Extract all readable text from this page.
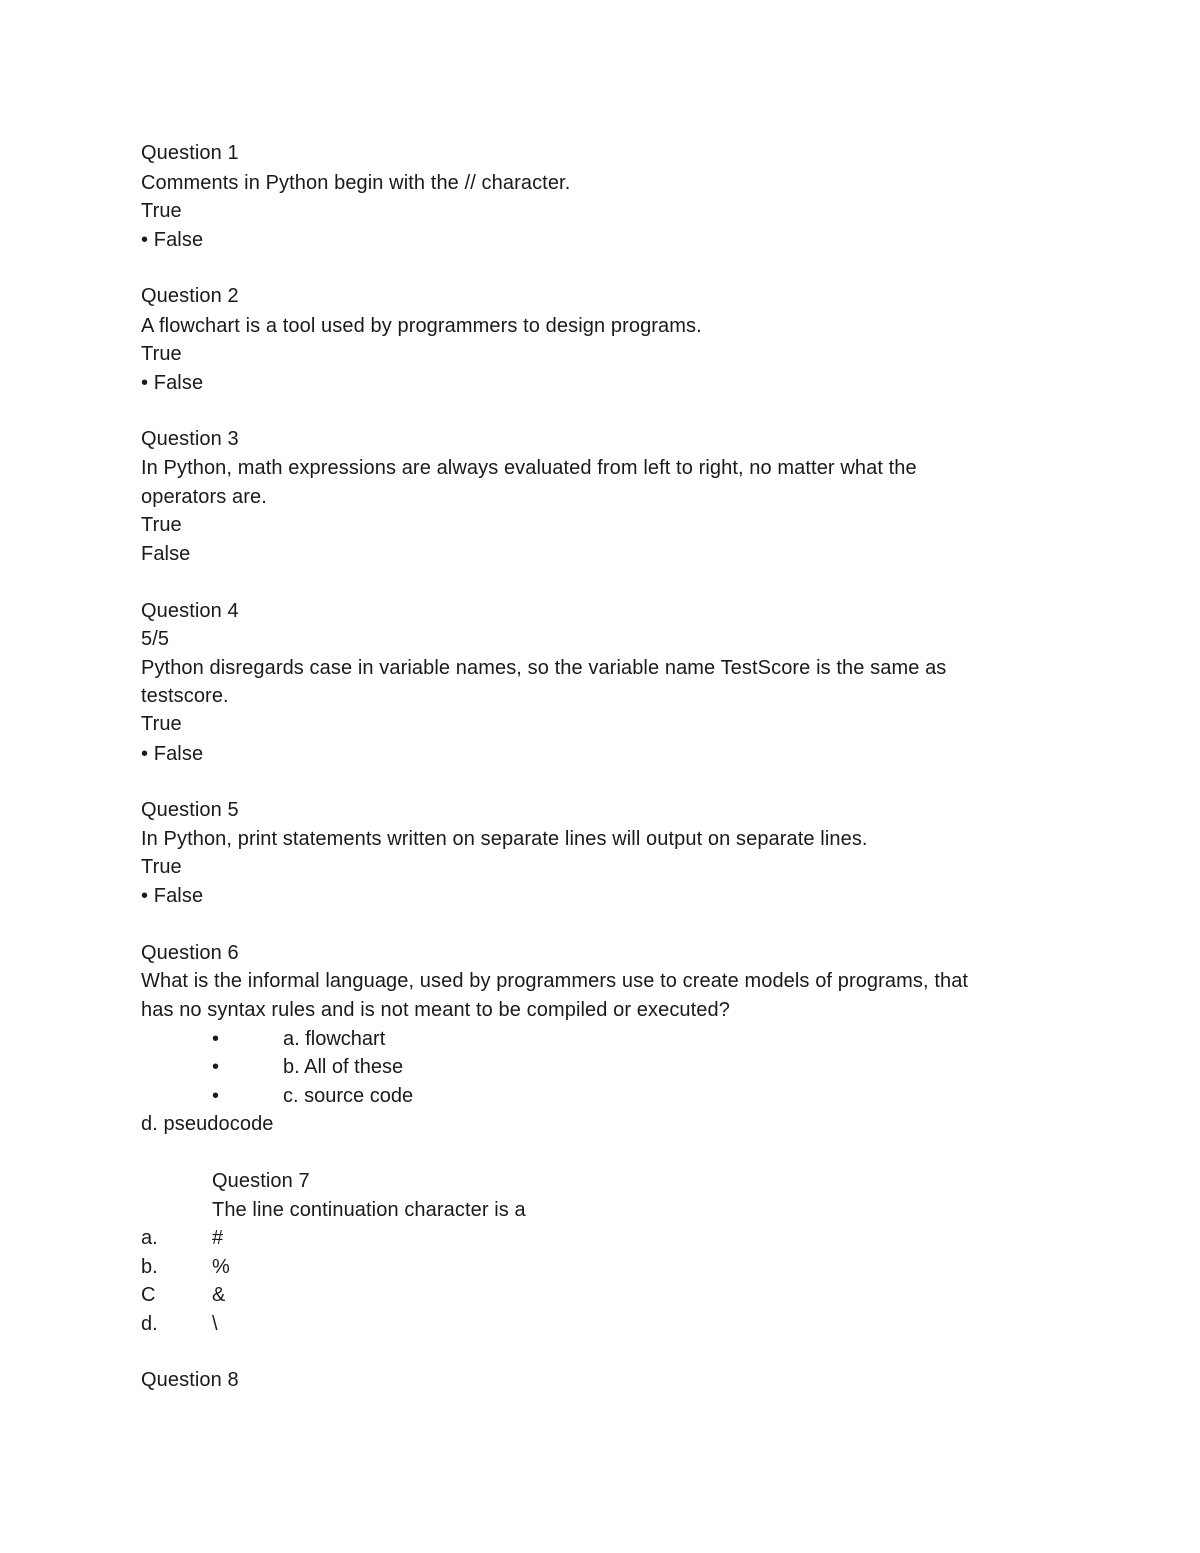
Question 1
Comments in Python begin with the // character.
True
• False
Question 2
A flowchart is a tool used by programmers to design programs.
True
• False
Question 3
In Python, math expressions are always evaluated from left to right, no matter what the
operators are.
True
False
Question 4
5/5
Python disregards case in variable names, so the variable name TestScore is the same as
testscore.
True
• False
Question 5
In Python, print statements written on separate lines will output on separate lines.
True
• False
Question 6
What is the informal language, used by programmers use to create models of programs, that
has no syntax rules and is not meant to be compiled or executed?
•	a. flowchart
•	b. All of these
•	c. source code
d. pseudocode
Question 7
The line continuation character is a
a.	#
b.	%
C	&
d.	\
Question 8
